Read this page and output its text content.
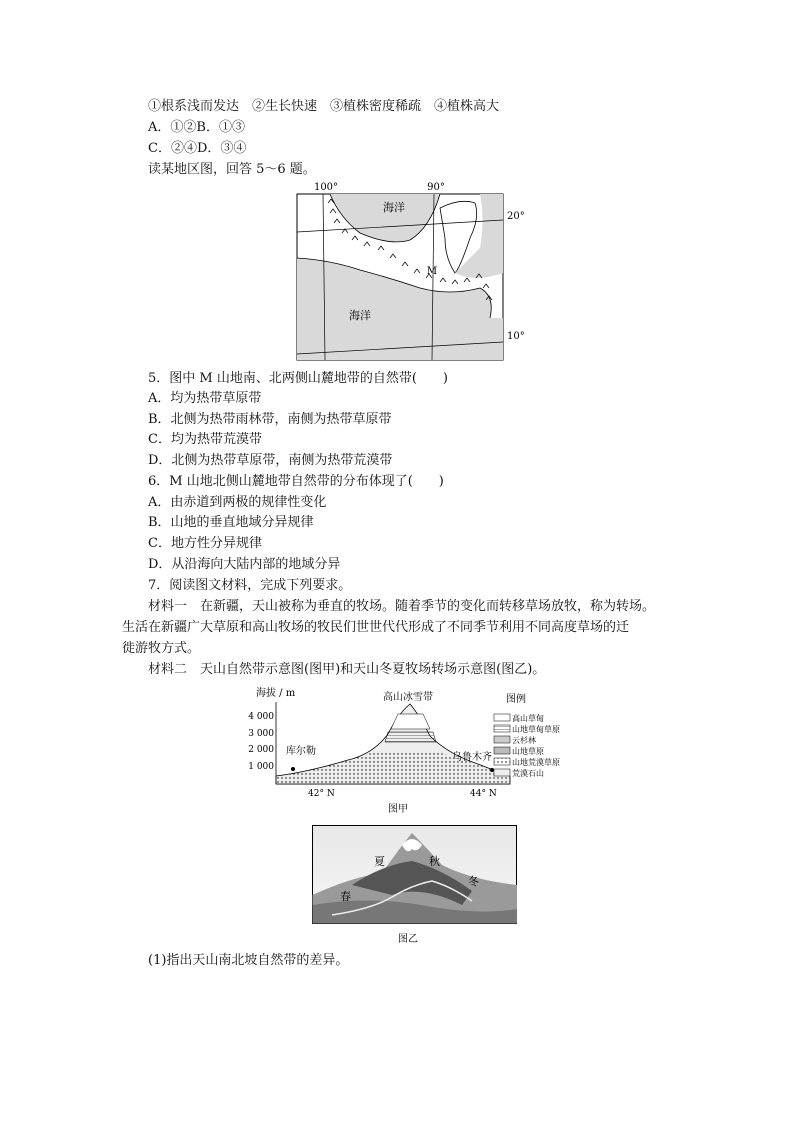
①根系浅而发达　②生长快速　③植株密度稀疏　④植株高大
A．①②B．①③
C．②④D．③④
读某地区图，回答 5～6 题。
100°	90°
20°
10°
海洋
海洋
M
5．图中 M 山地南、北两侧山麓地带的自然带(　　)
A．均为热带草原带
B．北侧为热带雨林带，南侧为热带草原带
C．均为热带荒漠带
D．北侧为热带草原带，南侧为热带荒漠带
6．M 山地北侧山麓地带自然带的分布体现了(　　)
A．由赤道到两极的规律性变化
B．山地的垂直地域分异规律
C．地方性分异规律
D．从沿海向大陆内部的地域分异
7．阅读图文材料，完成下列要求。
材料一　在新疆，天山被称为垂直的牧场。随着季节的变化而转移草场放牧，称为转场。
生活在新疆广大草原和高山牧场的牧民们世世代代形成了不同季节利用不同高度草场的迁
徙游牧方式。
材料二　天山自然带示意图(图甲)和天山冬夏牧场转场示意图(图乙)。
海拔 / m
4 000
3 000
2 000
1 000
高山冰雪带
库尔勒
乌鲁木齐
42° N	44° N
图甲
图例
高山草甸
山地草甸草原
云杉林
山地草原
山地荒漠草原
荒漠石山
夏	秋
春
冬
图乙
(1)指出天山南北坡自然带的差异。
